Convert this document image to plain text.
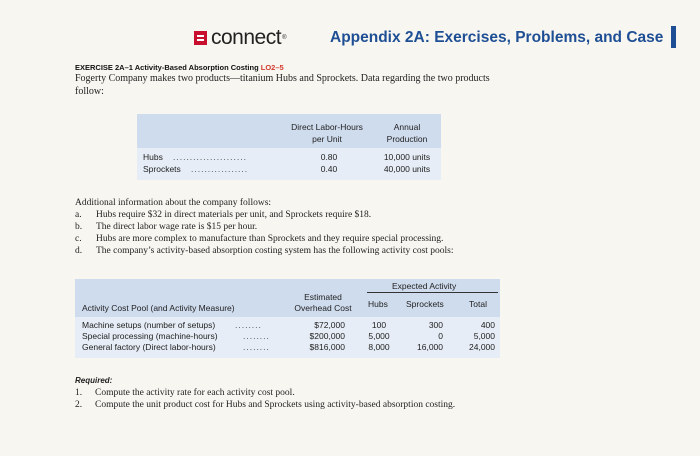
connect ®	Appendix 2A: Exercises, Problems, and Case
EXERCISE 2A–1 Activity-Based Absorption Costing LO2–5
Fogerty Company makes two products—titanium Hubs and Sprockets. Data regarding the two products follow:
Direct Labor-Hours
per Unit
Annual
Production
Hubs ......................	0.80	10,000 units
Sprockets .................	0.40	40,000 units
Additional information about the company follows:
a. Hubs require $32 in direct materials per unit, and Sprockets require $18.
b. The direct labor wage rate is $15 per hour.
c. Hubs are more complex to manufacture than Sprockets and they require special processing.
d. The company’s activity-based absorption costing system has the following activity cost pools:
Expected Activity
Estimated
Overhead Cost
Activity Cost Pool (and Activity Measure)	Hubs Sprockets	Total
Machine setups (number of setups) ........	$72,000	100	300	400
Special processing (machine-hours)	........	$200,000	5,000	0	5,000
General factory (Direct labor-hours)	........	$816,000	8,000	16,000	24,000
Required:
1. Compute the activity rate for each activity cost pool.
2. Compute the unit product cost for Hubs and Sprockets using activity-based absorption costing.
